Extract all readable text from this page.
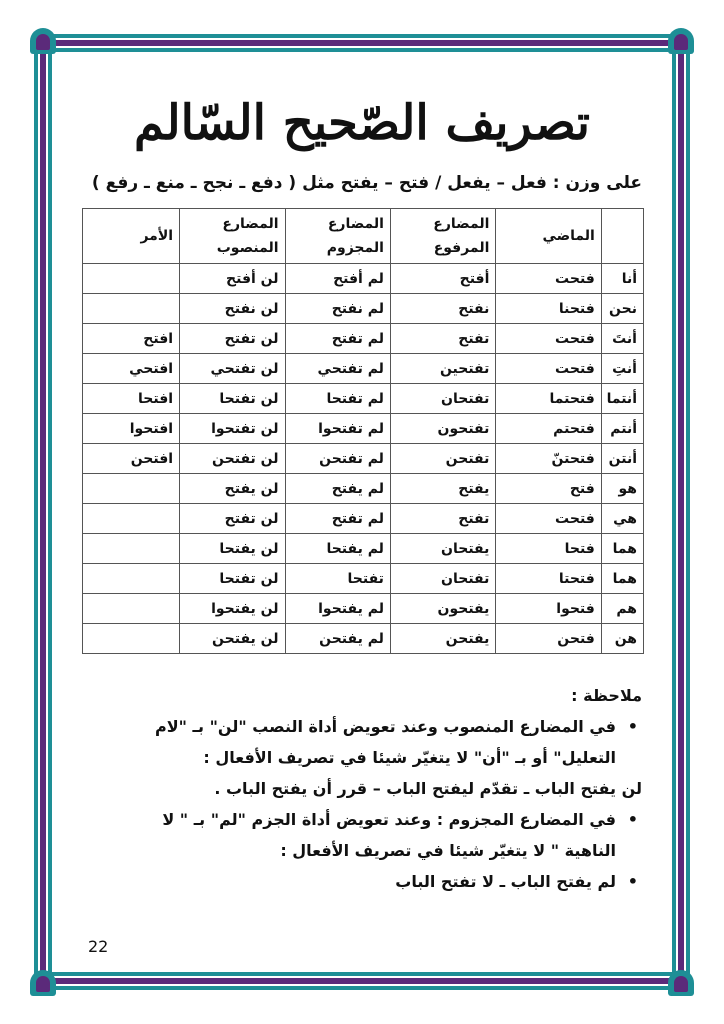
تصريف الصّحيح السّالم
على وزن : فعل – يفعل / فتح – يفتح مثل ( دفع ـ نجح ـ منع ـ رفع )
	الماضي	المضارع المرفوع	المضارع المجزوم	المضارع المنصوب	الأمر
أنا	فتحت	أفتح	لم أفتح	لن أفتح	
نحن	فتحنا	نفتح	لم نفتح	لن نفتح	
أنتَ	فتحت	تفتح	لم تفتح	لن تفتح	افتح
أنتِ	فتحت	تفتحين	لم تفتحي	لن تفتحي	افتحي
أنتما	فتحتما	تفتحان	لم تفتحا	لن تفتحا	افتحا
أنتم	فتحتم	تفتحون	لم تفتحوا	لن تفتحوا	افتحوا
أنتن	فتحتنّ	تفتحن	لم تفتحن	لن تفتحن	افتحن
هو	فتح	يفتح	لم يفتح	لن يفتح	
هي	فتحت	تفتح	لم تفتح	لن تفتح	
هما	فتحا	يفتحان	لم يفتحا	لن يفتحا	
هما	فتحتا	تفتحان	تفتحا	لن تفتحا	
هم	فتحوا	يفتحون	لم يفتحوا	لن يفتحوا	
هن	فتحن	يفتحن	لم يفتحن	لن يفتحن	
ملاحظة :
•
في المضارع المنصوب وعند تعويض أداة النصب "لن" بـ "لام
التعليل" أو بـ "أن" لا يتغيّر شيئا في تصريف الأفعال :
لن يفتح الباب ـ تقدّم ليفتح الباب – قرر أن يفتح الباب .
•
في المضارع المجزوم : وعند تعويض أداة الجزم "لم" بـ " لا
الناهية " لا يتغيّر شيئا في تصريف الأفعال :
•
لم يفتح الباب ـ لا تفتح الباب
22
